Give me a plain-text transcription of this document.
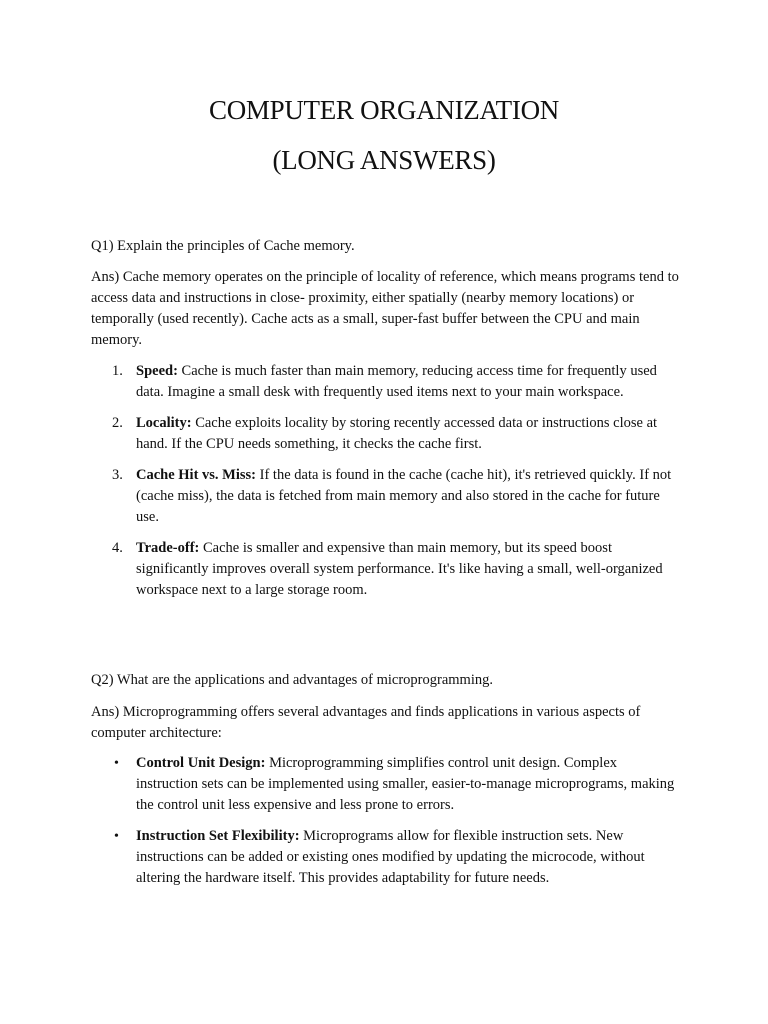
COMPUTER ORGANIZATION
(LONG ANSWERS)

Q1) Explain the principles of Cache memory.

Ans) Cache memory operates on the principle of locality of reference, which means programs tend to access data and instructions in close- proximity, either spatially (nearby memory locations) or temporally (used recently). Cache acts as a small, super-fast buffer between the CPU and main memory.

1. Speed: Cache is much faster than main memory, reducing access time for frequently used data. Imagine a small desk with frequently used items next to your main workspace.
2. Locality: Cache exploits locality by storing recently accessed data or instructions close at hand. If the CPU needs something, it checks the cache first.
3. Cache Hit vs. Miss: If the data is found in the cache (cache hit), it's retrieved quickly. If not (cache miss), the data is fetched from main memory and also stored in the cache for future use.
4. Trade-off: Cache is smaller and expensive than main memory, but its speed boost significantly improves overall system performance. It's like having a small, well-organized workspace next to a large storage room.

Q2) What are the applications and advantages of microprogramming.

Ans) Microprogramming offers several advantages and finds applications in various aspects of computer architecture:

• Control Unit Design: Microprogramming simplifies control unit design. Complex instruction sets can be implemented using smaller, easier-to-manage microprograms, making the control unit less expensive and less prone to errors.
• Instruction Set Flexibility: Microprograms allow for flexible instruction sets. New instructions can be added or existing ones modified by updating the microcode, without altering the hardware itself. This provides adaptability for future needs.
